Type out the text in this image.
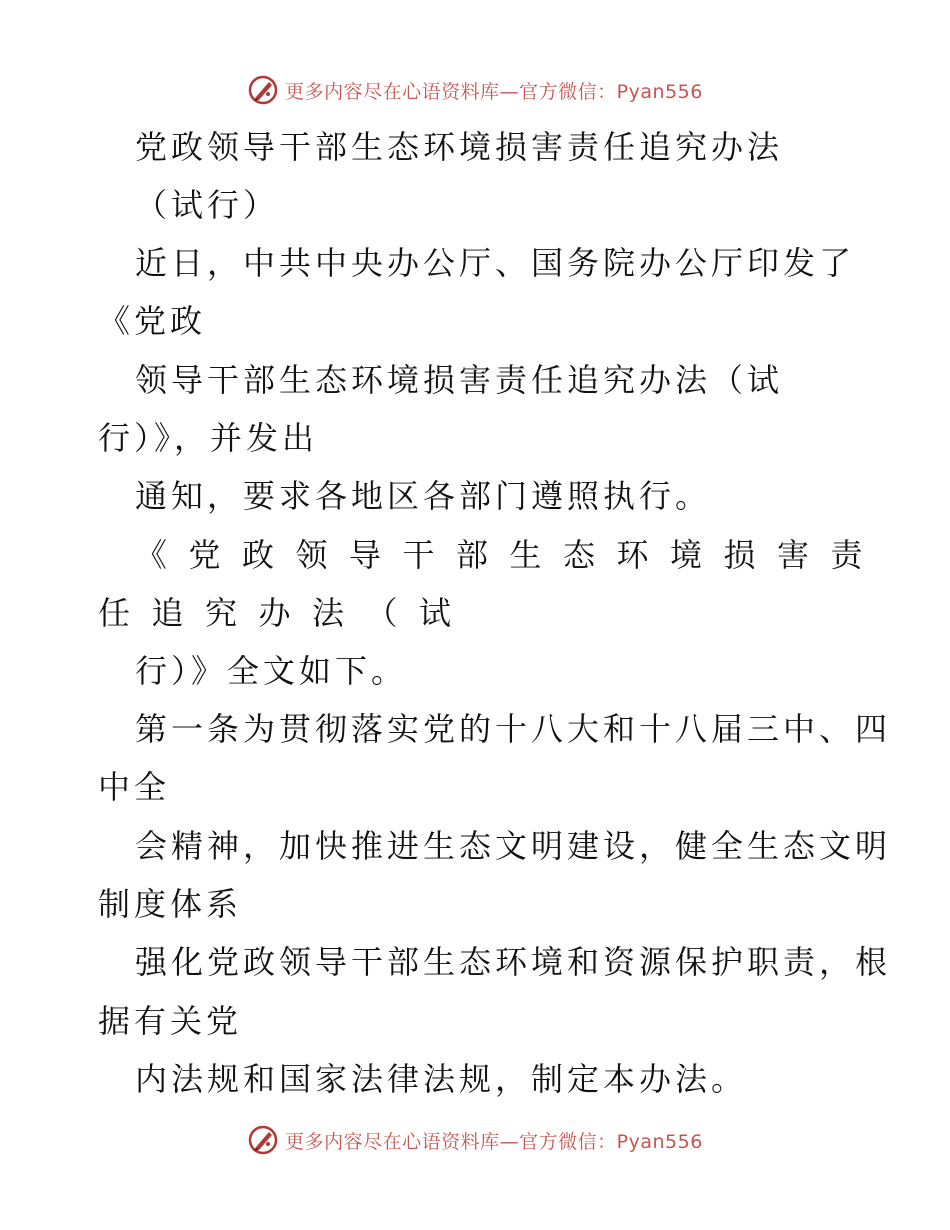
更多内容尽在心语资料库—官方微信：Pyan556
党政领导干部生态环境损害责任追究办法
（试行）
近日，中共中央办公厅、国务院办公厅印发了
《党政
领导干部生态环境损害责任追究办法（试
行）》，并发出
通知，要求各地区各部门遵照执行。
《党政领导干部生态环境损害责
任追究办法（试
行）》全文如下。
第一条为贯彻落实党的十八大和十八届三中、四
中全
会精神，加快推进生态文明建设，健全生态文明
制度体系
强化党政领导干部生态环境和资源保护职责，根
据有关党
内法规和国家法律法规，制定本办法。
更多内容尽在心语资料库—官方微信：Pyan556
